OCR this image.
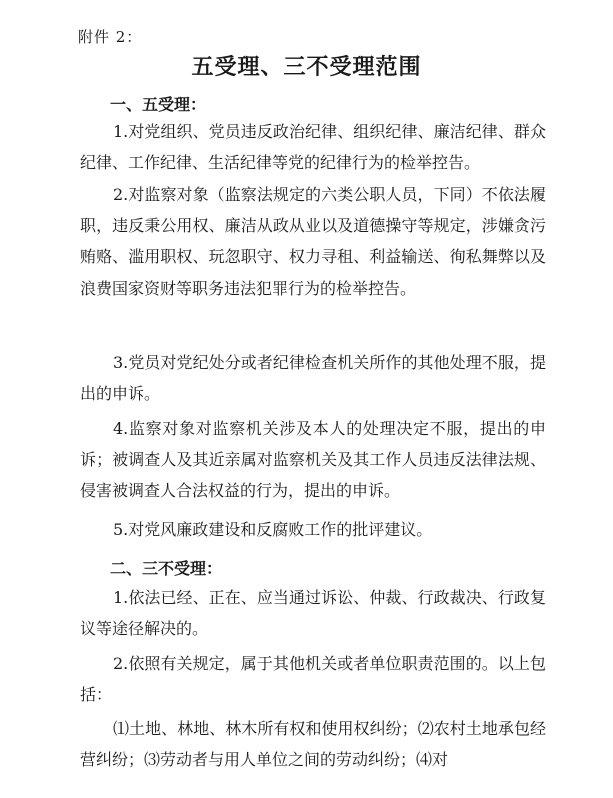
附件 2：
五受理、三不受理范围
一、五受理：

1.对党组织、党员违反政治纪律、组织纪律、廉洁纪律、群众纪律、工作纪律、生活纪律等党的纪律行为的检举控告。

2.对监察对象（监察法规定的六类公职人员，下同）不依法履职，违反秉公用权、廉洁从政从业以及道德操守等规定，涉嫌贪污贿赂、滥用职权、玩忽职守、权力寻租、利益输送、徇私舞弊以及浪费国家资财等职务违法犯罪行为的检举控告。

3.党员对党纪处分或者纪律检查机关所作的其他处理不服，提出的申诉。

4.监察对象对监察机关涉及本人的处理决定不服，提出的申诉；被调查人及其近亲属对监察机关及其工作人员违反法律法规、侵害被调查人合法权益的行为，提出的申诉。

5.对党风廉政建设和反腐败工作的批评建议。

二、三不受理：

1.依法已经、正在、应当通过诉讼、仲裁、行政裁决、行政复议等途径解决的。

2.依照有关规定，属于其他机关或者单位职责范围的。以上包括：

⑴土地、林地、林木所有权和使用权纠纷；⑵农村土地承包经营纠纷；⑶劳动者与用人单位之间的劳动纠纷；⑷对
